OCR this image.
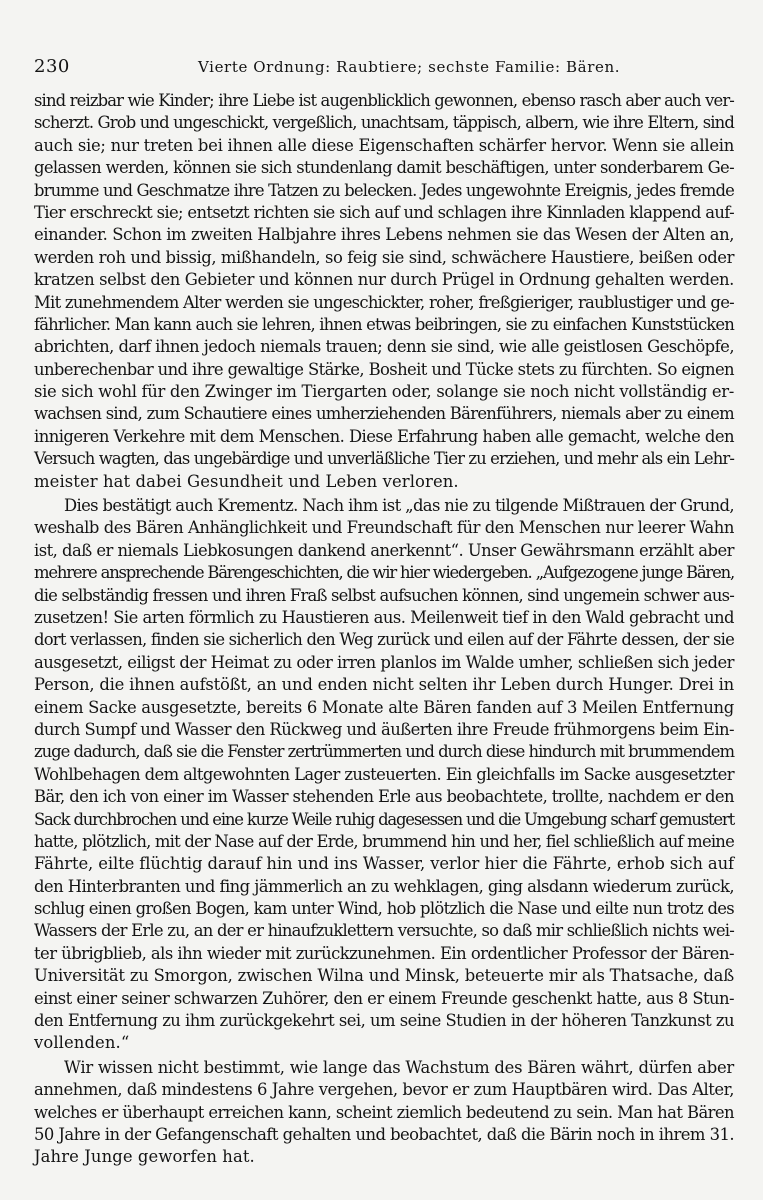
230	Vierte Ordnung: Raubtiere; sechste Familie: Bären.
sind reizbar wie Kinder; ihre Liebe ist augenblicklich gewonnen, ebenso rasch aber auch ver-
scherzt. Grob und ungeschickt, vergeßlich, unachtsam, täppisch, albern, wie ihre Eltern, sind
auch sie; nur treten bei ihnen alle diese Eigenschaften schärfer hervor. Wenn sie allein
gelassen werden, können sie sich stundenlang damit beschäftigen, unter sonderbarem Ge-
brumme und Geschmatze ihre Tatzen zu belecken. Jedes ungewohnte Ereignis, jedes fremde
Tier erschreckt sie; entsetzt richten sie sich auf und schlagen ihre Kinnladen klappend auf-
einander. Schon im zweiten Halbjahre ihres Lebens nehmen sie das Wesen der Alten an,
werden roh und bissig, mißhandeln, so feig sie sind, schwächere Haustiere, beißen oder
kratzen selbst den Gebieter und können nur durch Prügel in Ordnung gehalten werden.
Mit zunehmendem Alter werden sie ungeschickter, roher, freßgieriger, raublustiger und ge-
fährlicher. Man kann auch sie lehren, ihnen etwas beibringen, sie zu einfachen Kunststücken
abrichten, darf ihnen jedoch niemals trauen; denn sie sind, wie alle geistlosen Geschöpfe,
unberechenbar und ihre gewaltige Stärke, Bosheit und Tücke stets zu fürchten. So eignen
sie sich wohl für den Zwinger im Tiergarten oder, solange sie noch nicht vollständig er-
wachsen sind, zum Schautiere eines umherziehenden Bärenführers, niemals aber zu einem
innigeren Verkehre mit dem Menschen. Diese Erfahrung haben alle gemacht, welche den
Versuch wagten, das ungebärdige und unverläßliche Tier zu erziehen, und mehr als ein Lehr-
meister hat dabei Gesundheit und Leben verloren.
Dies bestätigt auch Krementz. Nach ihm ist „das nie zu tilgende Mißtrauen der Grund,
weshalb des Bären Anhänglichkeit und Freundschaft für den Menschen nur leerer Wahn
ist, daß er niemals Liebkosungen dankend anerkennt“. Unser Gewährsmann erzählt aber
mehrere ansprechende Bärengeschichten, die wir hier wiedergeben. „Aufgezogene junge Bären,
die selbständig fressen und ihren Fraß selbst aufsuchen können, sind ungemein schwer aus-
zusetzen! Sie arten förmlich zu Haustieren aus. Meilenweit tief in den Wald gebracht und
dort verlassen, finden sie sicherlich den Weg zurück und eilen auf der Fährte dessen, der sie
ausgesetzt, eiligst der Heimat zu oder irren planlos im Walde umher, schließen sich jeder
Person, die ihnen aufstößt, an und enden nicht selten ihr Leben durch Hunger. Drei in
einem Sacke ausgesetzte, bereits 6 Monate alte Bären fanden auf 3 Meilen Entfernung
durch Sumpf und Wasser den Rückweg und äußerten ihre Freude frühmorgens beim Ein-
zuge dadurch, daß sie die Fenster zertrümmerten und durch diese hindurch mit brummendem
Wohlbehagen dem altgewohnten Lager zusteuerten. Ein gleichfalls im Sacke ausgesetzter
Bär, den ich von einer im Wasser stehenden Erle aus beobachtete, trollte, nachdem er den
Sack durchbrochen und eine kurze Weile ruhig dagesessen und die Umgebung scharf gemustert
hatte, plötzlich, mit der Nase auf der Erde, brummend hin und her, fiel schließlich auf meine
Fährte, eilte flüchtig darauf hin und ins Wasser, verlor hier die Fährte, erhob sich auf
den Hinterbranten und fing jämmerlich an zu wehklagen, ging alsdann wiederum zurück,
schlug einen großen Bogen, kam unter Wind, hob plötzlich die Nase und eilte nun trotz des
Wassers der Erle zu, an der er hinaufzuklettern versuchte, so daß mir schließlich nichts wei-
ter übrigblieb, als ihn wieder mit zurückzunehmen. Ein ordentlicher Professor der Bären-
Universität zu Smorgon, zwischen Wilna und Minsk, beteuerte mir als Thatsache, daß
einst einer seiner schwarzen Zuhörer, den er einem Freunde geschenkt hatte, aus 8 Stun-
den Entfernung zu ihm zurückgekehrt sei, um seine Studien in der höheren Tanzkunst zu
vollenden.“
Wir wissen nicht bestimmt, wie lange das Wachstum des Bären währt, dürfen aber
annehmen, daß mindestens 6 Jahre vergehen, bevor er zum Hauptbären wird. Das Alter,
welches er überhaupt erreichen kann, scheint ziemlich bedeutend zu sein. Man hat Bären
50 Jahre in der Gefangenschaft gehalten und beobachtet, daß die Bärin noch in ihrem 31.
Jahre Junge geworfen hat.
